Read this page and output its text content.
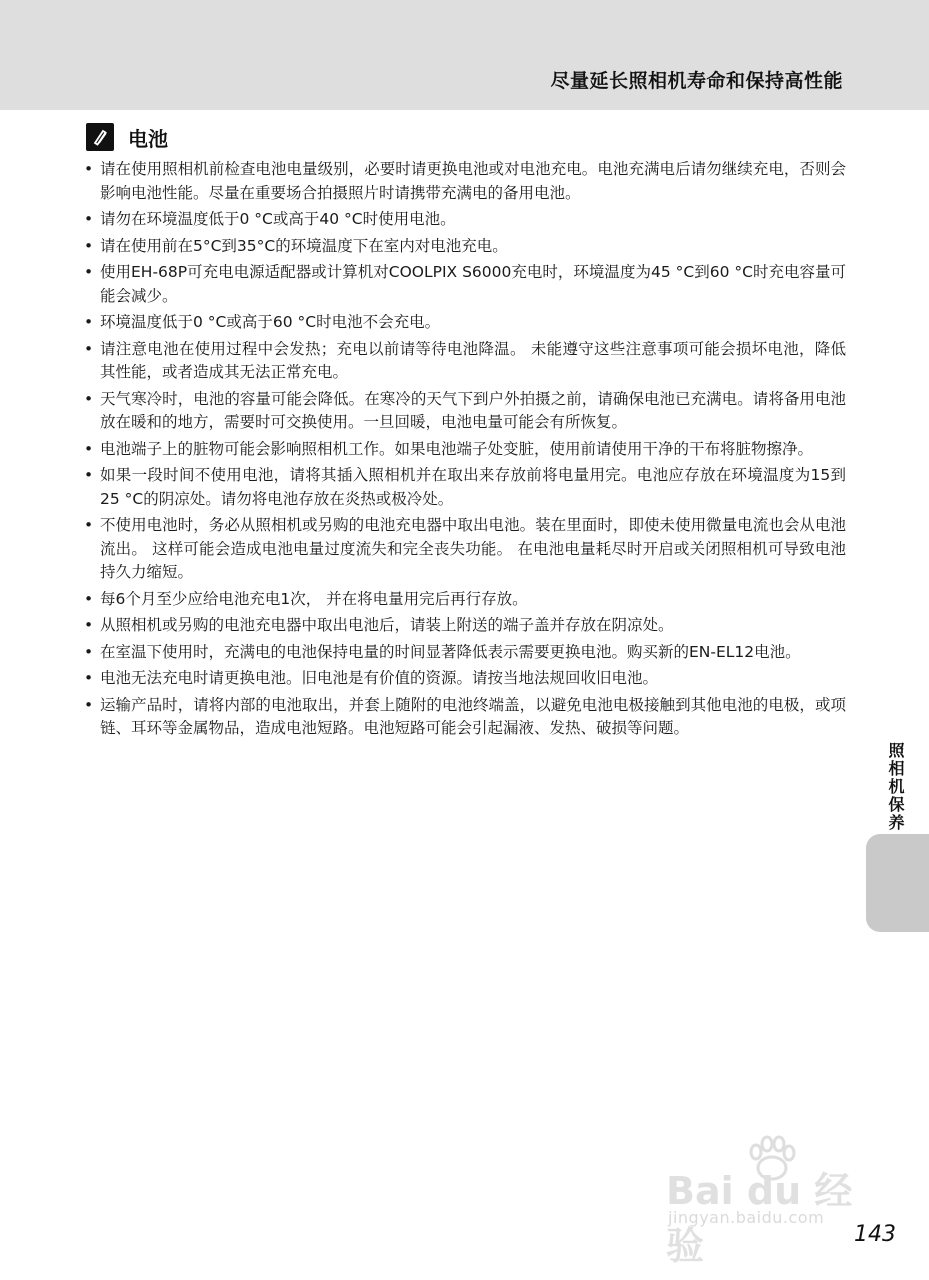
尽量延长照相机寿命和保持高性能
电池
• 请在使用照相机前检查电池电量级别，必要时请更换电池或对电池充电。电池充满电后请勿继续充电，否则会影响电池性能。尽量在重要场合拍摄照片时请携带充满电的备用电池。
• 请勿在环境温度低于0 °C或高于40 °C时使用电池。
• 请在使用前在5°C到35°C的环境温度下在室内对电池充电。
• 使用EH-68P可充电电源适配器或计算机对COOLPIX S6000充电时，环境温度为45 °C到60 °C时充电容量可能会减少。
• 环境温度低于0 °C或高于60 °C时电池不会充电。
• 请注意电池在使用过程中会发热；充电以前请等待电池降温。 未能遵守这些注意事项可能会损坏电池，降低其性能，或者造成其无法正常充电。
• 天气寒冷时，电池的容量可能会降低。在寒冷的天气下到户外拍摄之前，请确保电池已充满电。请将备用电池放在暖和的地方，需要时可交换使用。一旦回暖，电池电量可能会有所恢复。
• 电池端子上的脏物可能会影响照相机工作。如果电池端子处变脏，使用前请使用干净的干布将脏物擦净。
• 如果一段时间不使用电池，请将其插入照相机并在取出来存放前将电量用完。电池应存放在环境温度为15到25 °C的阴凉处。请勿将电池存放在炎热或极冷处。
• 不使用电池时，务必从照相机或另购的电池充电器中取出电池。装在里面时，即使未使用微量电流也会从电池流出。 这样可能会造成电池电量过度流失和完全丧失功能。 在电池电量耗尽时开启或关闭照相机可导致电池持久力缩短。
• 每6个月至少应给电池充电1次， 并在将电量用完后再行存放。
• 从照相机或另购的电池充电器中取出电池后，请装上附送的端子盖并存放在阴凉处。
• 在室温下使用时，充满电的电池保持电量的时间显著降低表示需要更换电池。购买新的EN-EL12电池。
• 电池无法充电时请更换电池。旧电池是有价值的资源。请按当地法规回收旧电池。
• 运输产品时，请将内部的电池取出，并套上随附的电池终端盖，以避免电池电极接触到其他电池的电极，或项链、耳环等金属物品，造成电池短路。电池短路可能会引起漏液、发热、破损等问题。
照相机保养
Bai du 经验
jingyan.baidu.com
143
